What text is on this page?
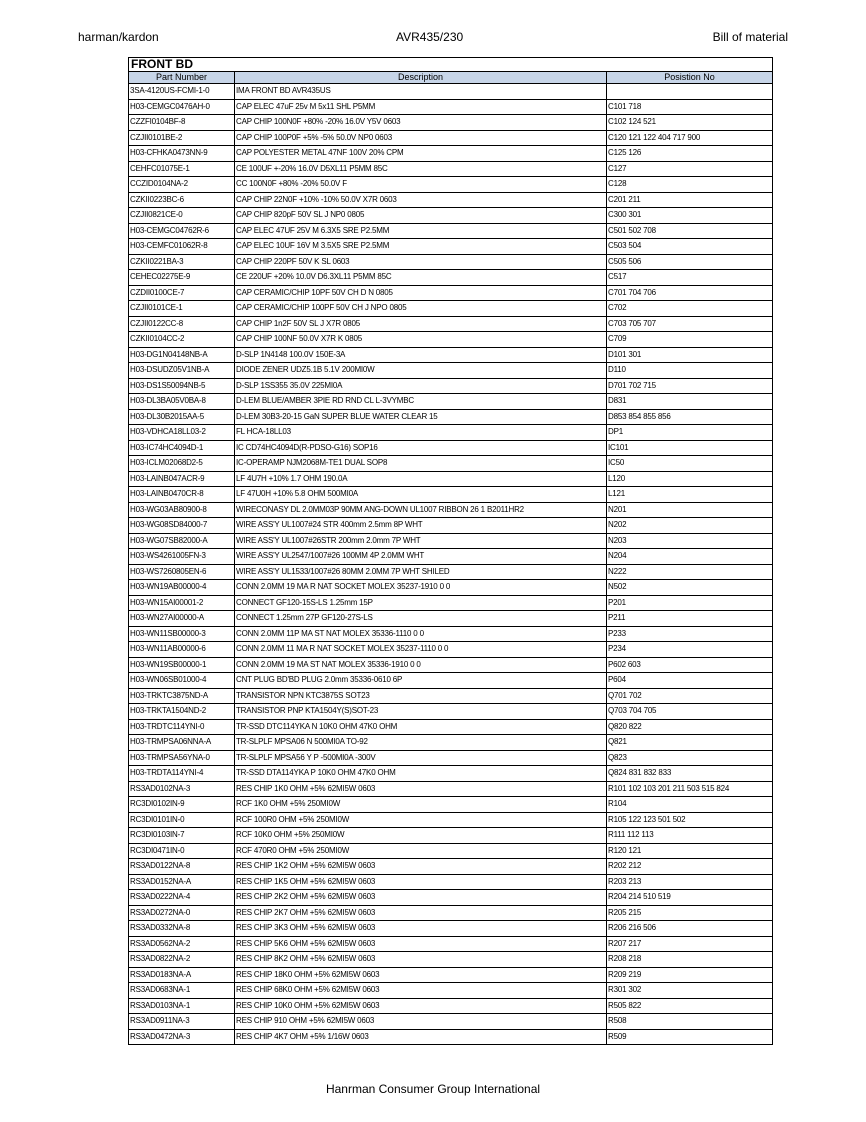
harman/kardon	AVR435/230	Bill of material
FRONT BD		
Part Number	Description	Posistion No
3SA-4120US-FCMI-1-0	IMA FRONT BD AVR435US	
H03-CEMGC0476AH-0	CAP ELEC 47uF 25v M 5x11 SHL P5MM	C101 718
CZZFI0104BF-8	CAP CHIP 100N0F +80% -20% 16.0V Y5V 0603	C102 124 521
CZJII0101BE-2	CAP CHIP 100P0F +5% -5% 50.0V NP0 0603	C120 121 122 404 717 900
H03-CFHKA0473NN-9	CAP POLYESTER METAL 47NF 100V 20% CPM	C125 126
CEHFC01075E-1	CE 100UF +-20% 16.0V D5XL11 P5MM 85C	C127
CCZID0104NA-2	CC 100N0F +80% -20% 50.0V F	C128
CZKII0223BC-6	CAP CHIP 22N0F +10% -10% 50.0V X7R 0603	C201 211
CZJII0821CE-0	CAP CHIP 820pF 50V SL J NP0 0805	C300 301
H03-CEMGC04762R-6	CAP ELEC 47UF 25V M 6.3X5 SRE P2.5MM	C501 502 708
H03-CEMFC01062R-8	CAP ELEC 10UF 16V M 3.5X5 SRE P2.5MM	C503 504
CZKII0221BA-3	CAP CHIP 220PF 50V K SL 0603	C505 506
CEHEC02275E-9	CE 220UF +20% 10.0V D6.3XL11 P5MM 85C	C517
CZDII0100CE-7	CAP CERAMIC/CHIP 10PF 50V CH D N 0805	C701 704 706
CZJII0101CE-1	CAP CERAMIC/CHIP 100PF 50V CH J NPO 0805	C702
CZJII0122CC-8	CAP CHIP 1n2F 50V SL J X7R 0805	C703 705 707
CZKII0104CC-2	CAP CHIP 100NF 50.0V X7R K 0805	C709
H03-DG1N04148NB-A	D-SLP 1N4148 100.0V 150E-3A	D101 301
H03-DSUDZ05V1NB-A	DIODE ZENER UDZ5.1B 5.1V 200MI0W	D110
H03-DS1S50094NB-5	D-SLP 1SS355 35.0V 225MI0A	D701 702 715
H03-DL3BA05V0BA-8	D-LEM BLUE/AMBER 3PIE RD RND CL L-3VYMBC	D831
H03-DL30B2015AA-5	D-LEM 30B3-20-15 GaN SUPER BLUE WATER CLEAR 15	D853 854 855 856
H03-VDHCA18LL03-2	FL HCA-18LL03	DP1
H03-IC74HC4094D-1	IC CD74HC4094D(R-PDSO-G16) SOP16	IC101
H03-ICLM02068D2-5	IC-OPERAMP NJM2068M-TE1 DUAL SOP8	IC50
H03-LAINB047ACR-9	LF 4U7H +10% 1.7 OHM 190.0A	L120
H03-LAINB0470CR-8	LF 47U0H +10% 5.8 OHM 500MI0A	L121
H03-WG03AB80900-8	WIRECONASY DL 2.0MM03P 90MM ANG-DOWN UL1007 RIBBON 26 1 B2011HR2	N201
H03-WG08SD84000-7	WIRE ASS'Y UL1007#24 STR 400mm 2.5mm 8P WHT	N202
H03-WG07SB82000-A	WIRE ASS'Y UL1007#26STR 200mm 2.0mm 7P WHT	N203
H03-WS4261005FN-3	WIRE ASS'Y UL2547/1007#26 100MM 4P 2.0MM WHT	N204
H03-WS7260805EN-6	WIRE ASS'Y UL1533/1007#26 80MM 2.0MM 7P WHT SHILED	N222
H03-WN19AB00000-4	CONN 2.0MM 19 MA R NAT SOCKET MOLEX 35237-1910 0 0	N502
H03-WN15AI00001-2	CONNECT GF120-15S-LS 1.25mm 15P	P201
H03-WN27AI00000-A	CONNECT 1.25mm 27P GF120-27S-LS	P211
H03-WN11SB00000-3	CONN 2.0MM 11P MA ST NAT MOLEX 35336-1110 0 0	P233
H03-WN11AB00000-6	CONN 2.0MM 11 MA R NAT SOCKET MOLEX 35237-1110 0 0	P234
H03-WN19SB00000-1	CONN 2.0MM 19 MA ST NAT MOLEX 35336-1910 0 0	P602 603
H03-WN06SB01000-4	CNT PLUG BD'BD PLUG 2.0mm 35336-0610 6P	P604
H03-TRKTC3875ND-A	TRANSISTOR NPN KTC3875S SOT23	Q701 702
H03-TRKTA1504ND-2	TRANSISTOR PNP KTA1504Y(S)SOT-23	Q703 704 705
H03-TRDTC114YNI-0	TR-SSD DTC114YKA N 10K0 OHM 47K0 OHM	Q820 822
H03-TRMPSA06NNA-A	TR-SLPLF MPSA06 N 500MI0A TO-92	Q821
H03-TRMPSA56YNA-0	TR-SLPLF MPSA56 Y P -500MI0A -300V	Q823
H03-TRDTA114YNI-4	TR-SSD DTA114YKA P 10K0 OHM 47K0 OHM	Q824 831 832 833
RS3AD0102NA-3	RES CHIP 1K0 OHM +5% 62MI5W 0603	R101 102 103 201 211 503 515 824
RC3DI0102IN-9	RCF 1K0 OHM +5% 250MI0W	R104
RC3DI0101IN-0	RCF 100R0 OHM +5% 250MI0W	R105 122 123 501 502
RC3DI0103IN-7	RCF 10K0 OHM +5% 250MI0W	R111 112 113
RC3DI0471IN-0	RCF 470R0 OHM +5% 250MI0W	R120 121
RS3AD0122NA-8	RES CHIP 1K2 OHM +5% 62MI5W 0603	R202 212
RS3AD0152NA-A	RES CHIP 1K5 OHM +5% 62MI5W 0603	R203 213
RS3AD0222NA-4	RES CHIP 2K2 OHM +5% 62MI5W 0603	R204 214 510 519
RS3AD0272NA-0	RES CHIP 2K7 OHM +5% 62MI5W 0603	R205 215
RS3AD0332NA-8	RES CHIP 3K3 OHM +5% 62MI5W 0603	R206 216 506
RS3AD0562NA-2	RES CHIP 5K6 OHM +5% 62MI5W 0603	R207 217
RS3AD0822NA-2	RES CHIP 8K2 OHM +5% 62MI5W 0603	R208 218
RS3AD0183NA-A	RES CHIP 18K0 OHM +5% 62MI5W 0603	R209 219
RS3AD0683NA-1	RES CHIP 68K0 OHM +5% 62MI5W 0603	R301 302
RS3AD0103NA-1	RES CHIP 10K0 OHM +5% 62MI5W 0603	R505 822
RS3AD0911NA-3	RES CHIP 910 OHM +5% 62MI5W 0603	R508
RS3AD0472NA-3	RES CHIP 4K7 OHM +5% 1/16W 0603	R509
Hanrman Consumer Group International
